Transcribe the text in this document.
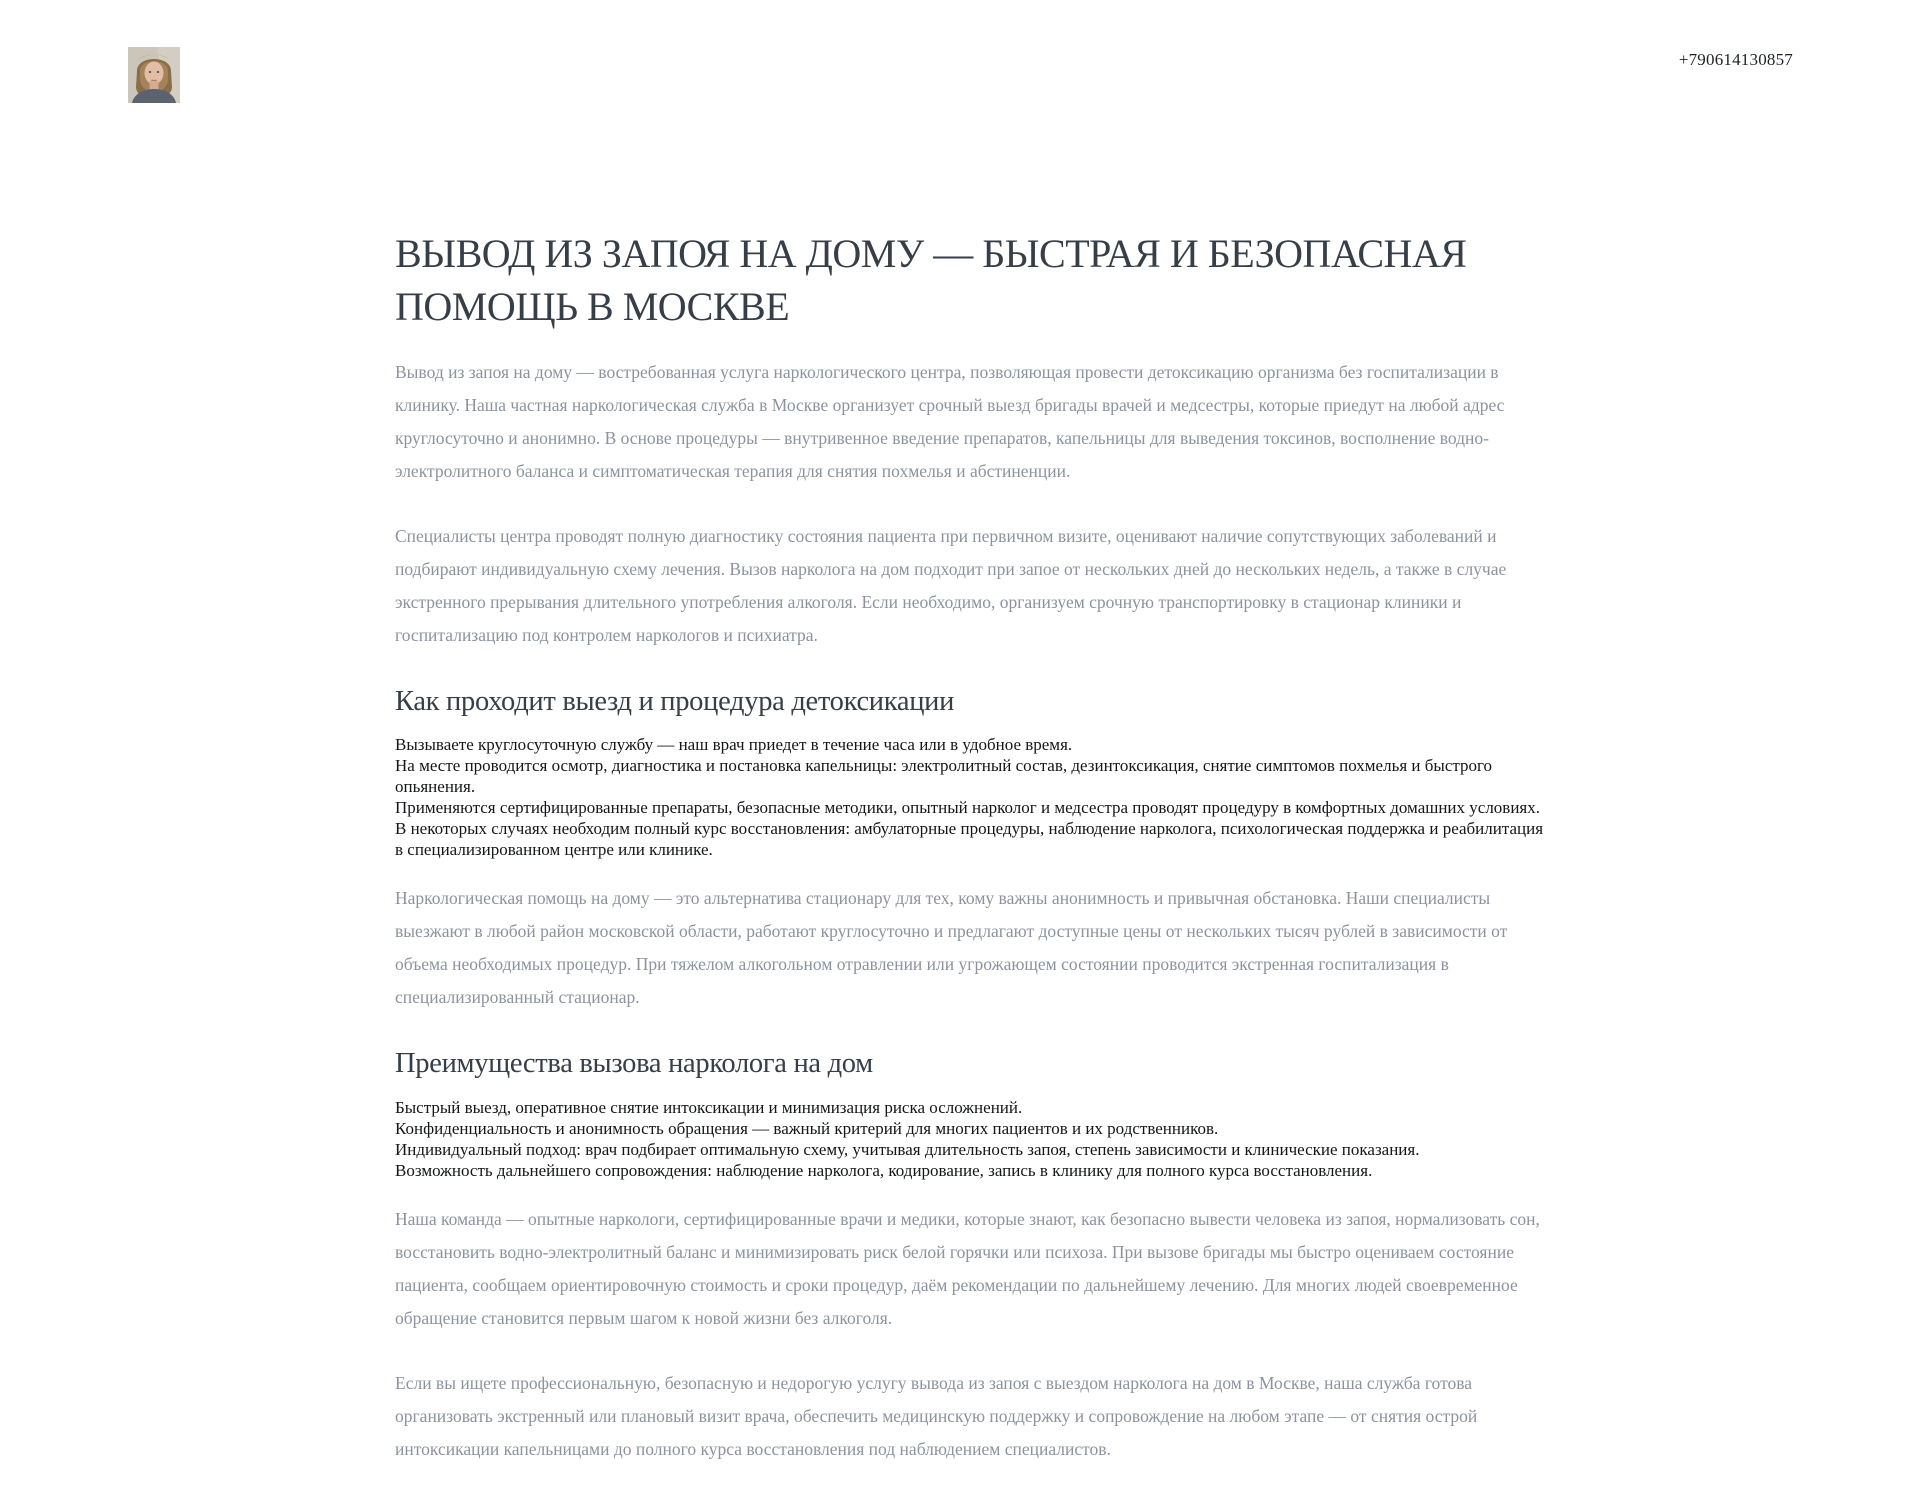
+790614130857
ВЫВОД ИЗ ЗАПОЯ НА ДОМУ — БЫСТРАЯ И БЕЗОПАСНАЯ ПОМОЩЬ В МОСКВЕ

Вывод из запоя на дому — востребованная услуга наркологического центра, позволяющая провести детоксикацию организма без госпитализации в клинику. Наша частная наркологическая служба в Москве организует срочный выезд бригады врачей и медсестры, которые приедут на любой адрес круглосуточно и анонимно. В основе процедуры — внутривенное введение препаратов, капельницы для выведения токсинов, восполнение водно-электролитного баланса и симптоматическая терапия для снятия похмелья и абстиненции.

Специалисты центра проводят полную диагностику состояния пациента при первичном визите, оценивают наличие сопутствующих заболеваний и подбирают индивидуальную схему лечения. Вызов нарколога на дом подходит при запое от нескольких дней до нескольких недель, а также в случае экстренного прерывания длительного употребления алкоголя. Если необходимо, организуем срочную транспортировку в стационар клиники и госпитализацию под контролем наркологов и психиатра.

Как проходит выезд и процедура детоксикации
Вызываете круглосуточную службу — наш врач приедет в течение часа или в удобное время.
На месте проводится осмотр, диагностика и постановка капельницы: электролитный состав, дезинтоксикация, снятие симптомов похмелья и быстрого опьянения.
Применяются сертифицированные препараты, безопасные методики, опытный нарколог и медсестра проводят процедуру в комфортных домашних условиях.
В некоторых случаях необходим полный курс восстановления: амбулаторные процедуры, наблюдение нарколога, психологическая поддержка и реабилитация в специализированном центре или клинике.

Наркологическая помощь на дому — это альтернатива стационару для тех, кому важны анонимность и привычная обстановка. Наши специалисты выезжают в любой район московской области, работают круглосуточно и предлагают доступные цены от нескольких тысяч рублей в зависимости от объема необходимых процедур. При тяжелом алкогольном отравлении или угрожающем состоянии проводится экстренная госпитализация в специализированный стационар.

Преимущества вызова нарколога на дом
Быстрый выезд, оперативное снятие интоксикации и минимизация риска осложнений.
Конфиденциальность и анонимность обращения — важный критерий для многих пациентов и их родственников.
Индивидуальный подход: врач подбирает оптимальную схему, учитывая длительность запоя, степень зависимости и клинические показания.
Возможность дальнейшего сопровождения: наблюдение нарколога, кодирование, запись в клинику для полного курса восстановления.

Наша команда — опытные наркологи, сертифицированные врачи и медики, которые знают, как безопасно вывести человека из запоя, нормализовать сон, восстановить водно-электролитный баланс и минимизировать риск белой горячки или психоза. При вызове бригады мы быстро оцениваем состояние пациента, сообщаем ориентировочную стоимость и сроки процедур, даём рекомендации по дальнейшему лечению. Для многих людей своевременное обращение становится первым шагом к новой жизни без алкоголя.

Если вы ищете профессиональную, безопасную и недорогую услугу вывода из запоя с выездом нарколога на дом в Москве, наша служба готова организовать экстренный или плановый визит врача, обеспечить медицинскую поддержку и сопровождение на любом этапе — от снятия острой интоксикации капельницами до полного курса восстановления под наблюдением специалистов.
